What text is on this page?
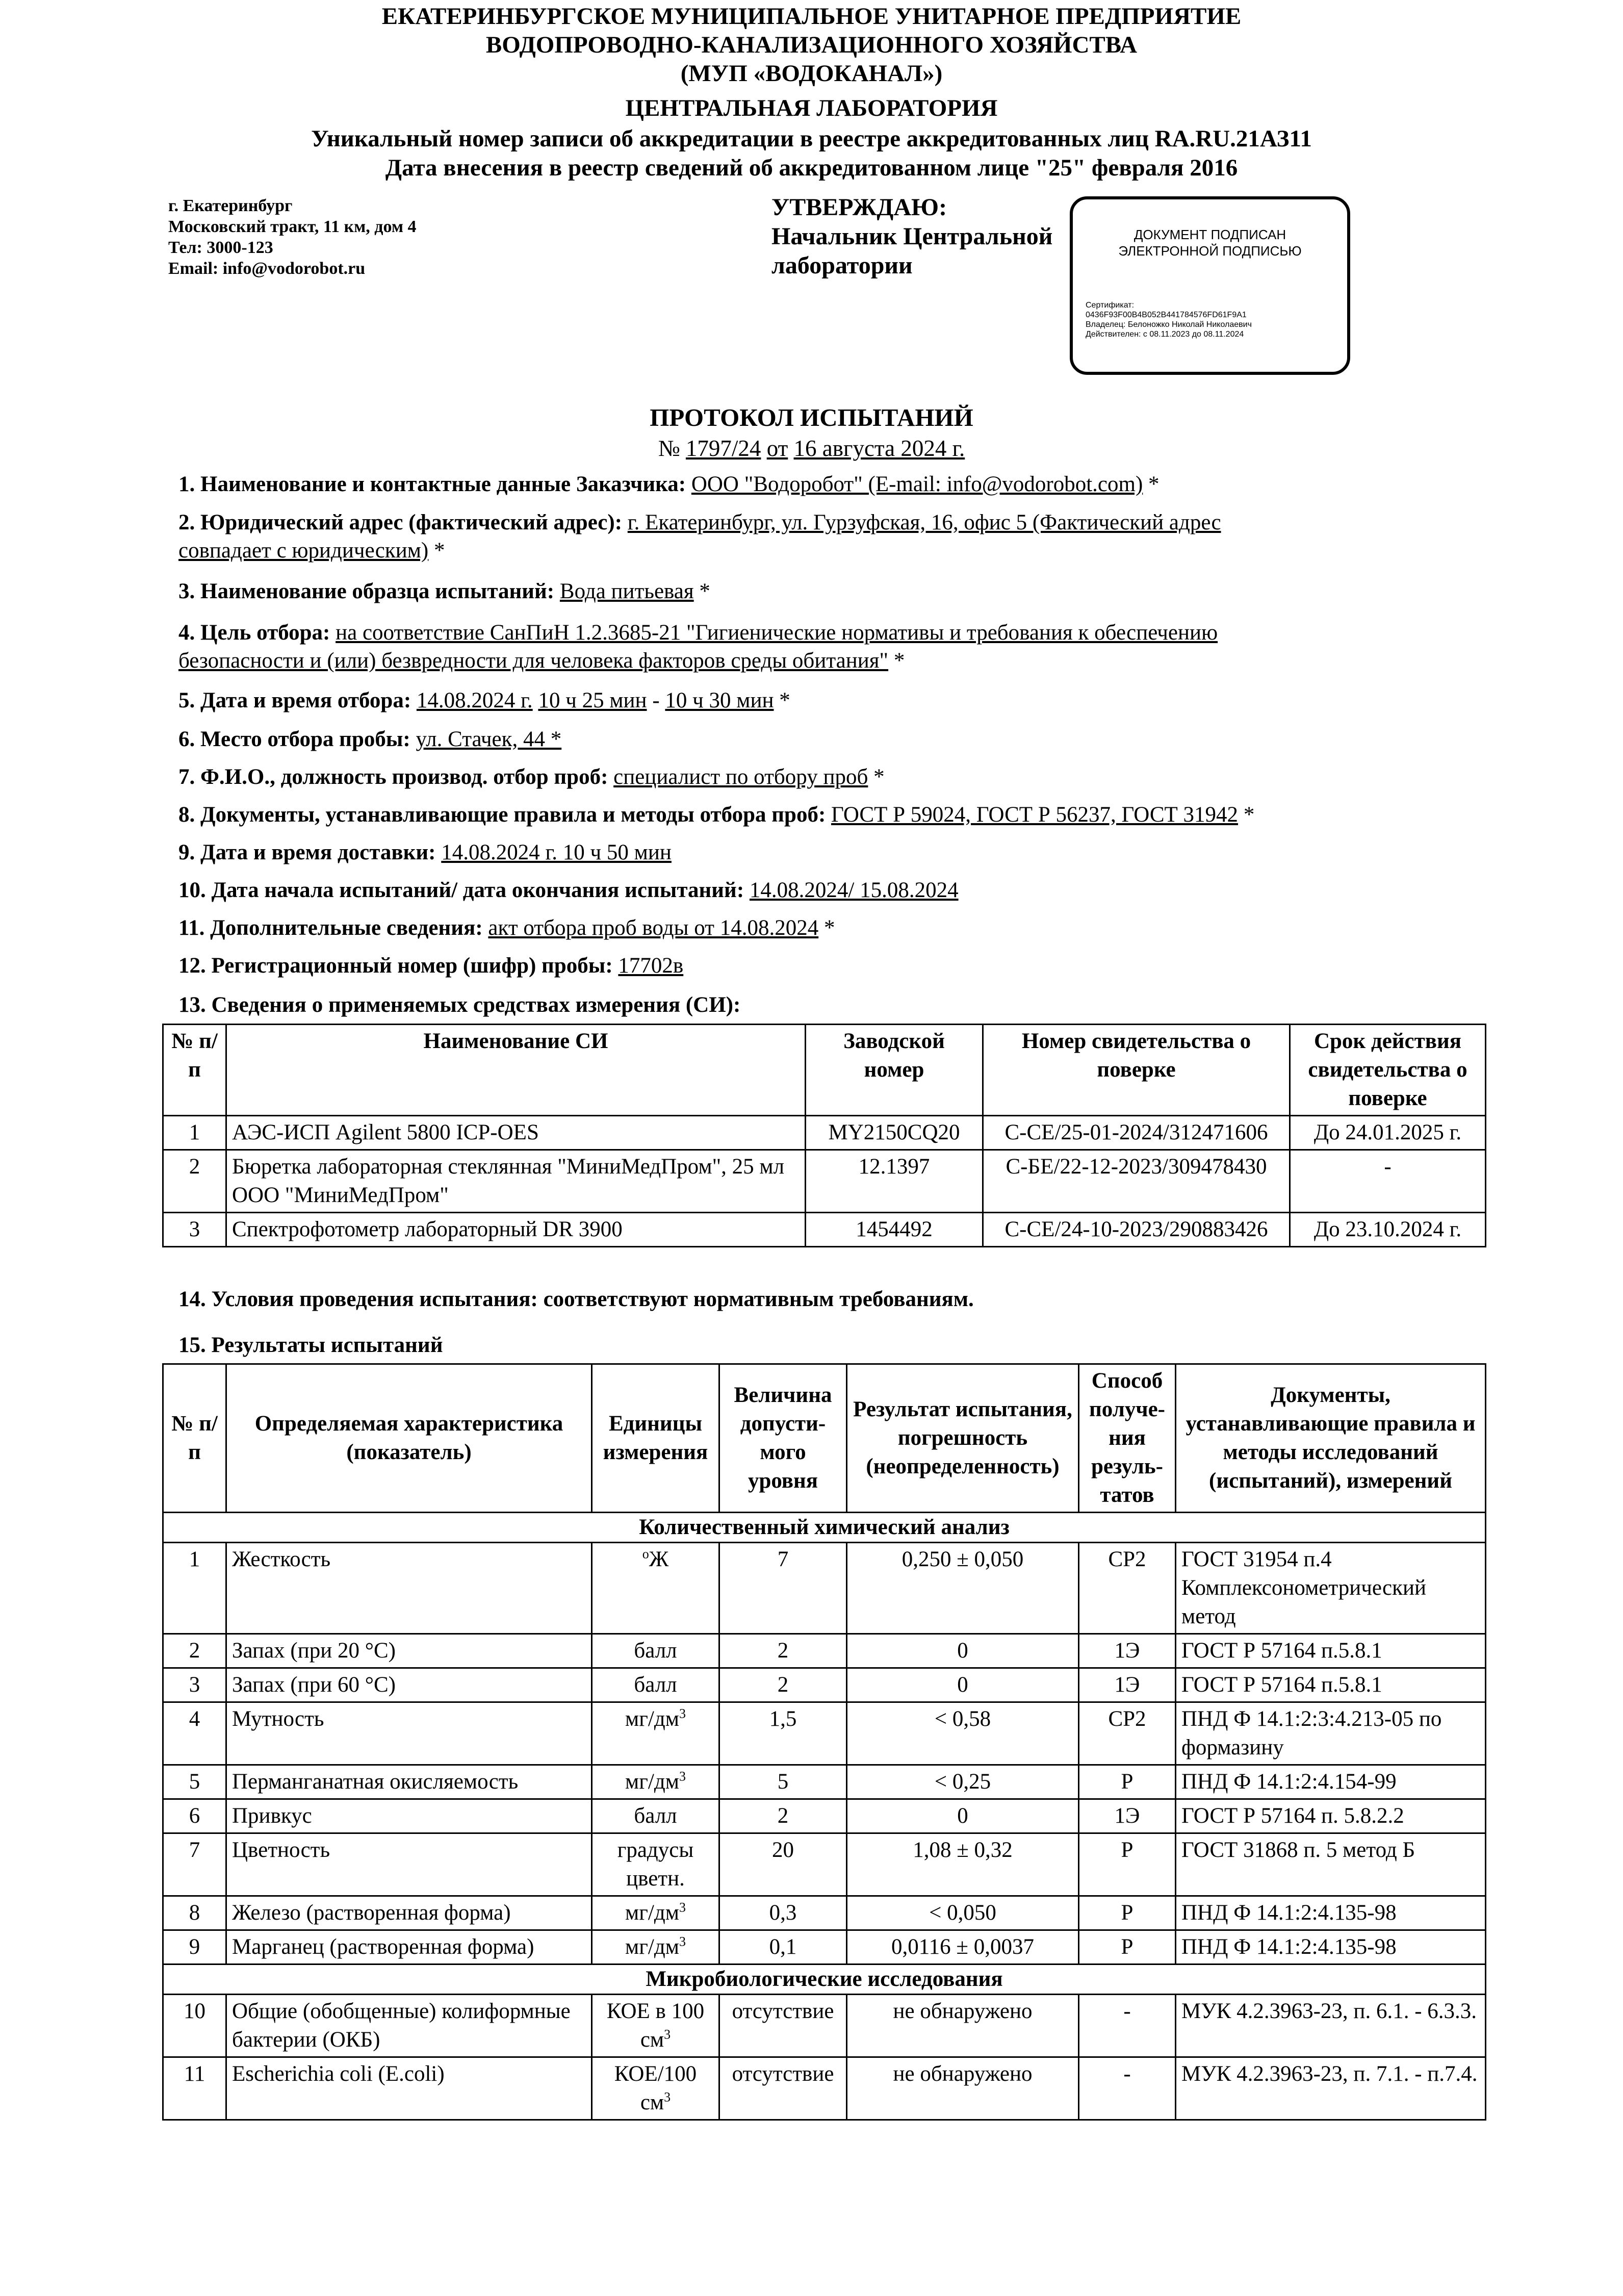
ЕКАТЕРИНБУРГСКОЕ МУНИЦИПАЛЬНОЕ УНИТАРНОЕ ПРЕДПРИЯТИЕ
ВОДОПРОВОДНО-КАНАЛИЗАЦИОННОГО ХОЗЯЙСТВА
(МУП «ВОДОКАНАЛ»)
ЦЕНТРАЛЬНАЯ ЛАБОРАТОРИЯ
Уникальный номер записи об аккредитации в реестре аккредитованных лиц RA.RU.21АЗ11
Дата внесения в реестр сведений об аккредитованном лице "25" февраля 2016
г. Екатеринбург
Московский тракт, 11 км, дом 4
Тел: 3000-123
Email: info@vodorobot.ru
УТВЕРЖДАЮ:
Начальник Центральной
лаборатории
ДОКУМЕНТ ПОДПИСАН
ЭЛЕКТРОННОЙ ПОДПИСЬЮ
Сертификат:
0436F93F00B4B052B441784576FD61F9A1
Владелец: Белоножко Николай Николаевич
Действителен: с 08.11.2023 до 08.11.2024
ПРОТОКОЛ ИСПЫТАНИЙ
№ 1797/24 от 16 августа 2024 г.
1. Наименование и контактные данные Заказчика: ООО "Водоробот" (E-mail: info@vodorobot.com) *
2. Юридический адрес (фактический адрес): г. Екатеринбург, ул. Гурзуфская, 16, офис 5 (Фактический адрес
совпадает с юридическим) *
3. Наименование образца испытаний: Вода питьевая *
4. Цель отбора: на соответствие СанПиН 1.2.3685-21 "Гигиенические нормативы и требования к обеспечению
безопасности и (или) безвредности для человека факторов среды обитания" *
5. Дата и время отбора: 14.08.2024 г. 10 ч 25 мин - 10 ч 30 мин *
6. Место отбора пробы: ул. Стачек, 44 *
7. Ф.И.О., должность производ. отбор проб: специалист по отбору проб *
8. Документы, устанавливающие правила и методы отбора проб: ГОСТ Р 59024, ГОСТ Р 56237, ГОСТ 31942 *
9. Дата и время доставки: 14.08.2024 г. 10 ч 50 мин
10. Дата начала испытаний/ дата окончания испытаний: 14.08.2024/ 15.08.2024
11. Дополнительные сведения: акт отбора проб воды от 14.08.2024 *
12. Регистрационный номер (шифр) пробы: 17702в
13. Сведения о применяемых средствах измерения (СИ):
№ п/п	Наименование СИ	Заводской номер	Номер свидетельства о поверке	Срок действия свидетельства о поверке
1	АЭС-ИСП Agilent 5800 ICP-OES	MY2150CQ20	С-СЕ/25-01-2024/312471606	До 24.01.2025 г.
2	Бюретка лабораторная стеклянная "МиниМедПром", 25 мл ООО "МиниМедПром"	12.1397	С-БЕ/22-12-2023/309478430	-
3	Спектрофотометр лабораторный DR 3900	1454492	С-СЕ/24-10-2023/290883426	До 23.10.2024 г.
14. Условия проведения испытания: соответствуют нормативным требованиям.
15. Результаты испытаний
№ п/п	Определяемая характеристика (показатель)	Единицы измерения	Величина допусти-мого уровня	Результат испытания, погрешность (неопределенность)	Способ получе-ния резуль-татов	Документы, устанавливающие правила и методы исследований (испытаний), измерений
Количественный химический анализ						
1	Жесткость	$^о$Ж	7	0,250 ± 0,050	СР2	ГОСТ 31954 п.4 Комплексонометрический метод
2	Запах (при 20 °С)	балл	2	0	1Э	ГОСТ Р 57164 п.5.8.1
3	Запах (при 60 °С)	балл	2	0	1Э	ГОСТ Р 57164 п.5.8.1
4	Мутность	$мг/дм^3$	1,5	< 0,58	СР2	ПНД Ф 14.1:2:3:4.213-05 по формазину
5	Перманганатная окисляемость	$мг/дм^3$	5	< 0,25	Р	ПНД Ф 14.1:2:4.154-99
6	Привкус	балл	2	0	1Э	ГОСТ Р 57164 п. 5.8.2.2
7	Цветность	градусы цветн.	20	1,08 ± 0,32	Р	ГОСТ 31868 п. 5 метод Б
8	Железо (растворенная форма)	$мг/дм^3$	0,3	< 0,050	Р	ПНД Ф 14.1:2:4.135-98
9	Марганец (растворенная форма)	$мг/дм^3$	0,1	0,0116 ± 0,0037	Р	ПНД Ф 14.1:2:4.135-98
Микробиологические исследования						
10	Общие (обобщенные) колиформные бактерии (ОКБ)	КОЕ в 100 $см^3$	отсутствие	не обнаружено	-	МУК 4.2.3963-23, п. 6.1. - 6.3.3.
11	Escherichia coli (E.coli)	КОЕ/100 $см^3$	отсутствие	не обнаружено	-	МУК 4.2.3963-23, п. 7.1. - п.7.4.
